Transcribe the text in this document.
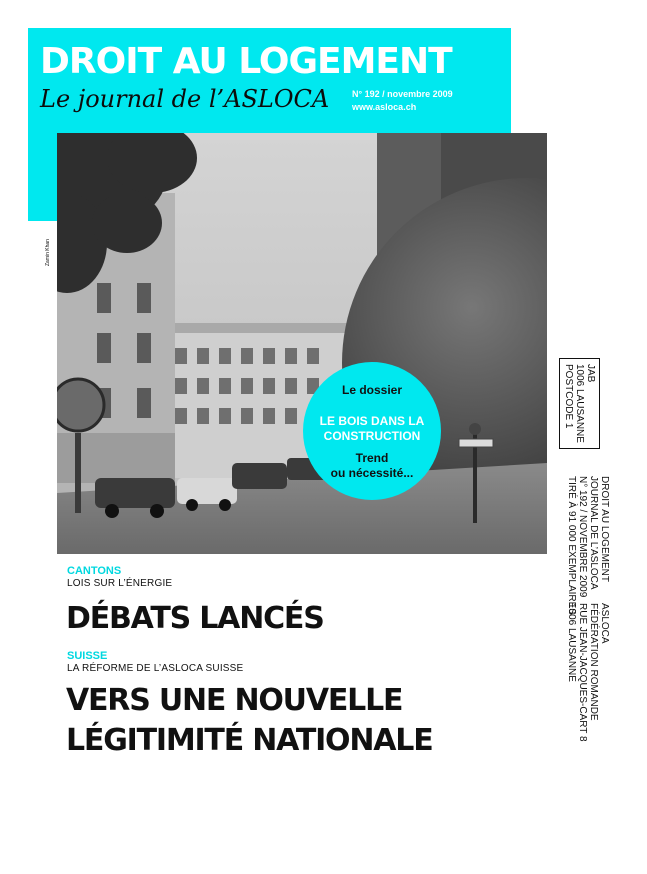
DROIT AU LOGEMENT
Le journal de l’ASLOCA	N° 192 / novembre 2009
www.asloca.ch
Zamin Khan
Le dossier
LE BOIS DANS LA
CONSTRUCTION
Trend
ou nécessité...
CANTONS
LOIS SUR L’ÉNERGIE
DÉBATS LANCÉS
SUISSE
LA RÉFORME DE L’ASLOCA SUISSE
VERS UNE NOUVELLE
LÉGITIMITÉ NATIONALE
JAB
1006 LAUSANNE
POSTCODE 1
DROIT AU LOGEMENT
JOURNAL DE L’ASLOCA
N° 192 / NOVEMBRE 2009
TIRÉ À 91 000 EXEMPLAIRES
ASLOCA
FÉDÉRATION ROMANDE
RUE JEAN-JACQUES-CART 8
1006 LAUSANNE
